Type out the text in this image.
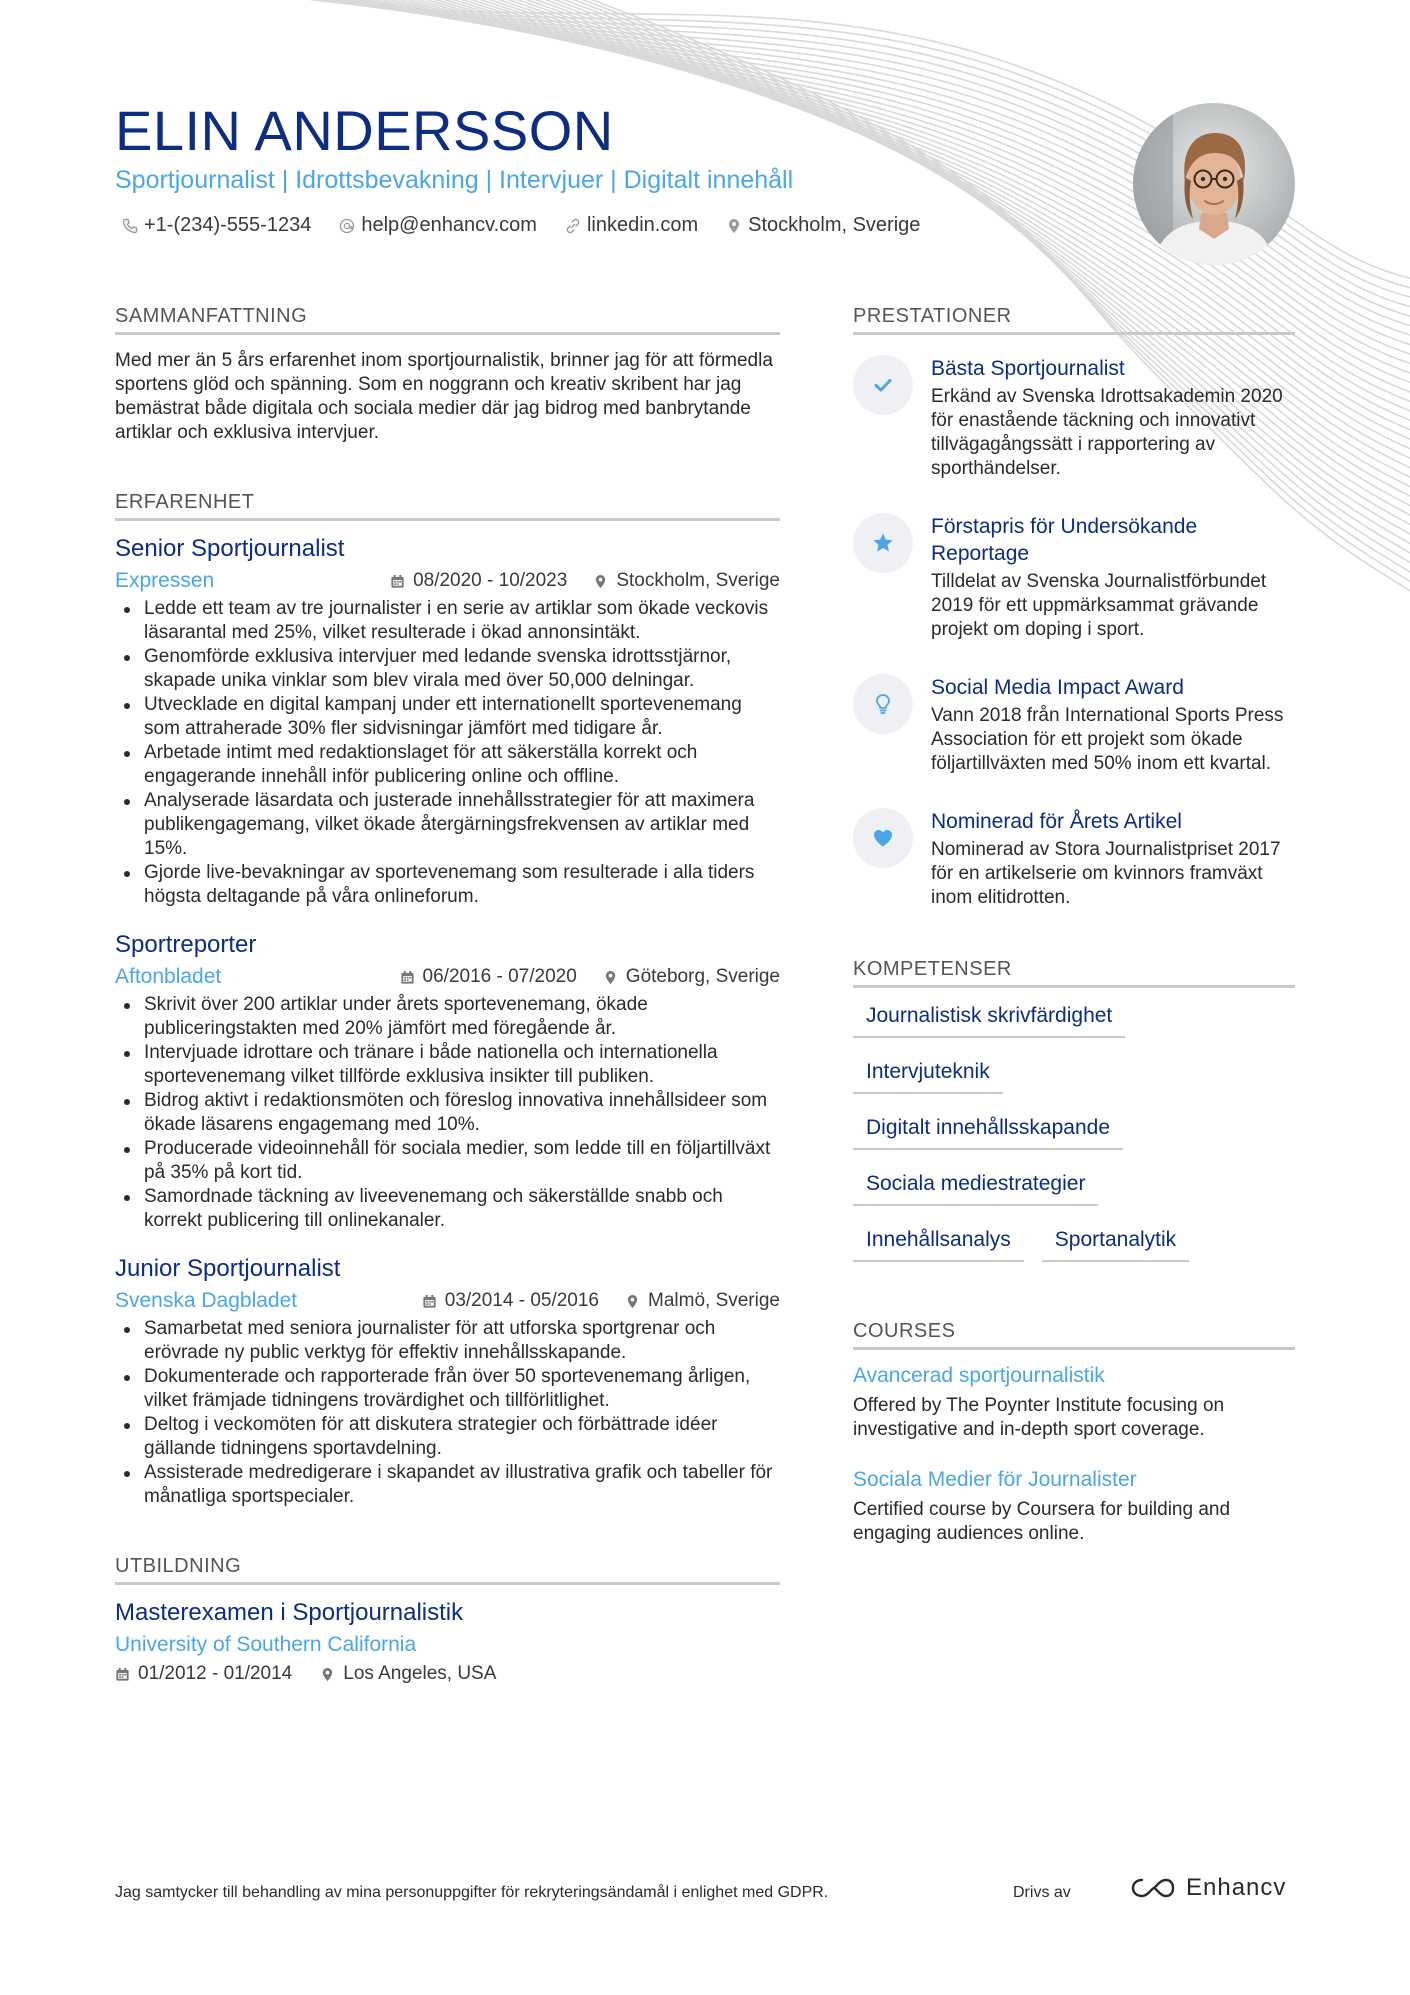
ELIN ANDERSSON
Sportjournalist | Idrottsbevakning | Intervjuer | Digitalt innehåll
+1-(234)-555-1234	help@enhancv.com	linkedin.com	Stockholm, Sverige
SAMMANFATTNING

Med mer än 5 års erfarenhet inom sportjournalistik, brinner jag för att förmedla sportens glöd och spänning. Som en noggrann och kreativ skribent har jag bemästrat både digitala och sociala medier där jag bidrog med banbrytande artiklar och exklusiva intervjuer.

ERFARENHET
Senior Sportjournalist
Expressen	08/2020 - 10/2023	Stockholm, Sverige
Ledde ett team av tre journalister i en serie av artiklar som ökade veckovis läsarantal med 25%, vilket resulterade i ökad annonsintäkt.
Genomförde exklusiva intervjuer med ledande svenska idrottsstjärnor, skapade unika vinklar som blev virala med över 50,000 delningar.
Utvecklade en digital kampanj under ett internationellt sportevenemang som attraherade 30% fler sidvisningar jämfört med tidigare år.
Arbetade intimt med redaktionslaget för att säkerställa korrekt och engagerande innehåll inför publicering online och offline.
Analyserade läsardata och justerade innehållsstrategier för att maximera publikengagemang, vilket ökade återgärningsfrekvensen av artiklar med 15%.
Gjorde live-bevakningar av sportevenemang som resulterade i alla tiders högsta deltagande på våra onlineforum.
Sportreporter
Aftonbladet	06/2016 - 07/2020	Göteborg, Sverige
Skrivit över 200 artiklar under årets sportevenemang, ökade publiceringstakten med 20% jämfört med föregående år.
Intervjuade idrottare och tränare i både nationella och internationella sportevenemang vilket tillförde exklusiva insikter till publiken.
Bidrog aktivt i redaktionsmöten och föreslog innovativa innehållsideer som ökade läsarens engagemang med 10%.
Producerade videoinnehåll för sociala medier, som ledde till en följartillväxt på 35% på kort tid.
Samordnade täckning av liveevenemang och säkerställde snabb och korrekt publicering till onlinekanaler.
Junior Sportjournalist
Svenska Dagbladet	03/2014 - 05/2016	Malmö, Sverige
Samarbetat med seniora journalister för att utforska sportgrenar och erövrade ny public verktyg för effektiv innehållsskapande.
Dokumenterade och rapporterade från över 50 sportevenemang årligen, vilket främjade tidningens trovärdighet och tillförlitlighet.
Deltog i veckomöten för att diskutera strategier och förbättrade idéer gällande tidningens sportavdelning.
Assisterade medredigerare i skapandet av illustrativa grafik och tabeller för månatliga sportspecialer.
UTBILDNING
Masterexamen i Sportjournalistik
University of Southern California
01/2012 - 01/2014	Los Angeles, USA
PRESTATIONER
Bästa Sportjournalist
Erkänd av Svenska Idrottsakademin 2020 för enastående täckning och innovativt tillvägagångssätt i rapportering av sporthändelser.
Förstapris för Undersökande Reportage
Tilldelat av Svenska Journalistförbundet 2019 för ett uppmärksammat grävande projekt om doping i sport.
Social Media Impact Award
Vann 2018 från International Sports Press Association för ett projekt som ökade följartillväxten med 50% inom ett kvartal.
Nominerad för Årets Artikel
Nominerad av Stora Journalistpriset 2017 för en artikelserie om kvinnors framväxt inom elitidrotten.
KOMPETENSER
Journalistisk skrivfärdighet
Intervjuteknik
Digitalt innehållsskapande
Sociala mediestrategier
Innehållsanalys	Sportanalytik
COURSES
Avancerad sportjournalistik
Offered by The Poynter Institute focusing on investigative and in-depth sport coverage.
Sociala Medier för Journalister
Certified course by Coursera for building and engaging audiences online.
Jag samtycker till behandling av mina personuppgifter för rekryteringsändamål i enlighet med GDPR.	Drivs av	Enhancv
